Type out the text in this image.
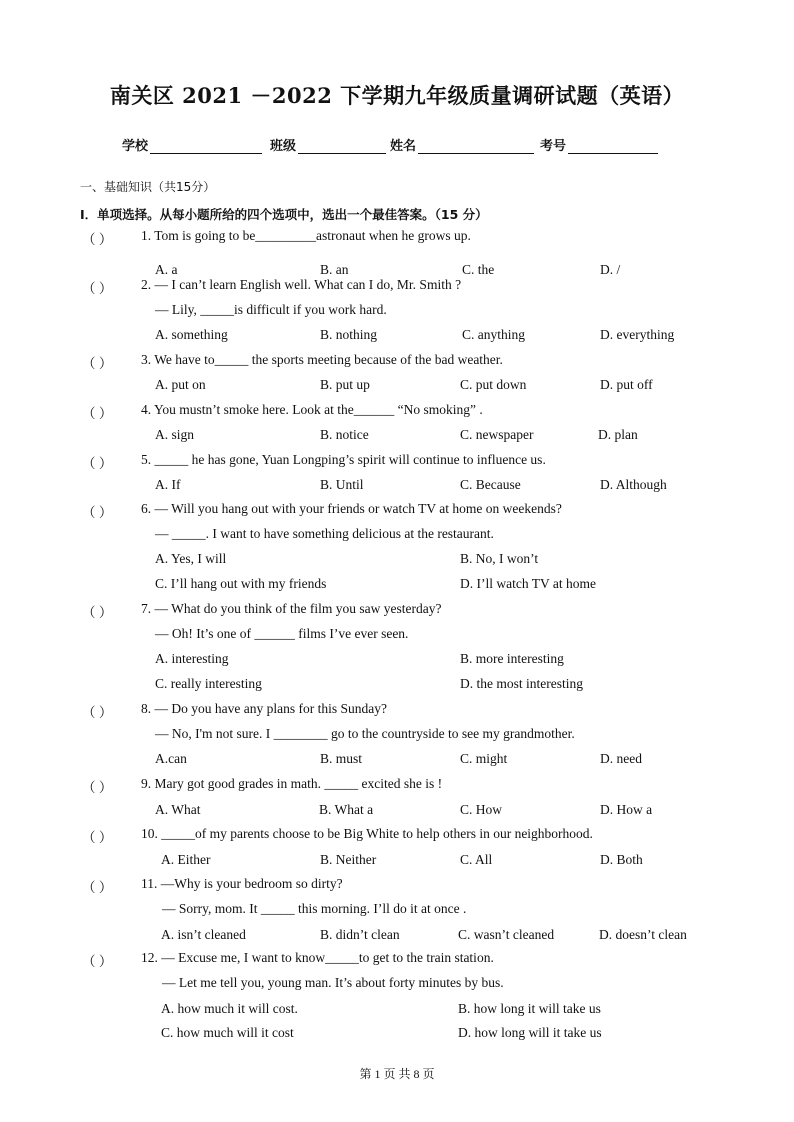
南关区 2021 －2022 下学期九年级质量调研试题（英语）
学校	班级	姓名	考号
一、基础知识（共15分）
Ⅰ．单项选择。从每小题所给的四个选项中，选出一个最佳答案。（15 分）
（ ） 1. Tom is going to be_________astronaut when he grows up.
A. a	B. an	C. the	D. /
（ ） 2. — I can’t learn English well. What can I do, Mr. Smith ?
— Lily, _____is difficult if you work hard.
A. something	B. nothing	C. anything	D. everything
（ ） 3. We have to_____ the sports meeting because of the bad weather.
A. put on	B. put up	C. put down	D. put off
（ ） 4. You mustn’t smoke here. Look at the______ “No smoking” .
A. sign	B. notice	C. newspaper	D. plan
（ ） 5. _____ he has gone, Yuan Longping’s spirit will continue to influence us.
A. If	B. Until	C. Because	D. Although
（ ） 6. — Will you hang out with your friends or watch TV at home on weekends?
— _____. I want to have something delicious at the restaurant.
A. Yes, I will	B. No, I won’t
C. I’ll hang out with my friends	D. I’ll watch TV at home
（ ） 7. — What do you think of the film you saw yesterday?
— Oh! It’s one of ______ films I’ve ever seen.
A. interesting	B. more interesting
C. really interesting	D. the most interesting
（ ） 8. — Do you have any plans for this Sunday?
— No, I'm not sure. I ________ go to the countryside to see my grandmother.
A.can	B. must	C. might	D. need
（ ） 9. Mary got good grades in math. _____ excited she is !
A. What	B. What a	C. How	D. How a
（ ） 10. _____of my parents choose to be Big White to help others in our neighborhood.
A. Either	B. Neither	C. All	D. Both
（ ） 11. —Why is your bedroom so dirty?
— Sorry, mom. It _____ this morning. I’ll do it at once .
A. isn’t cleaned	B. didn’t clean	C. wasn’t cleaned	D. doesn’t clean
（ ） 12. — Excuse me, I want to know_____to get to the train station.
— Let me tell you, young man. It’s about forty minutes by bus.
A. how much it will cost.	B. how long it will take us
C. how much will it cost	D. how long will it take us
第 1 页 共 8 页
